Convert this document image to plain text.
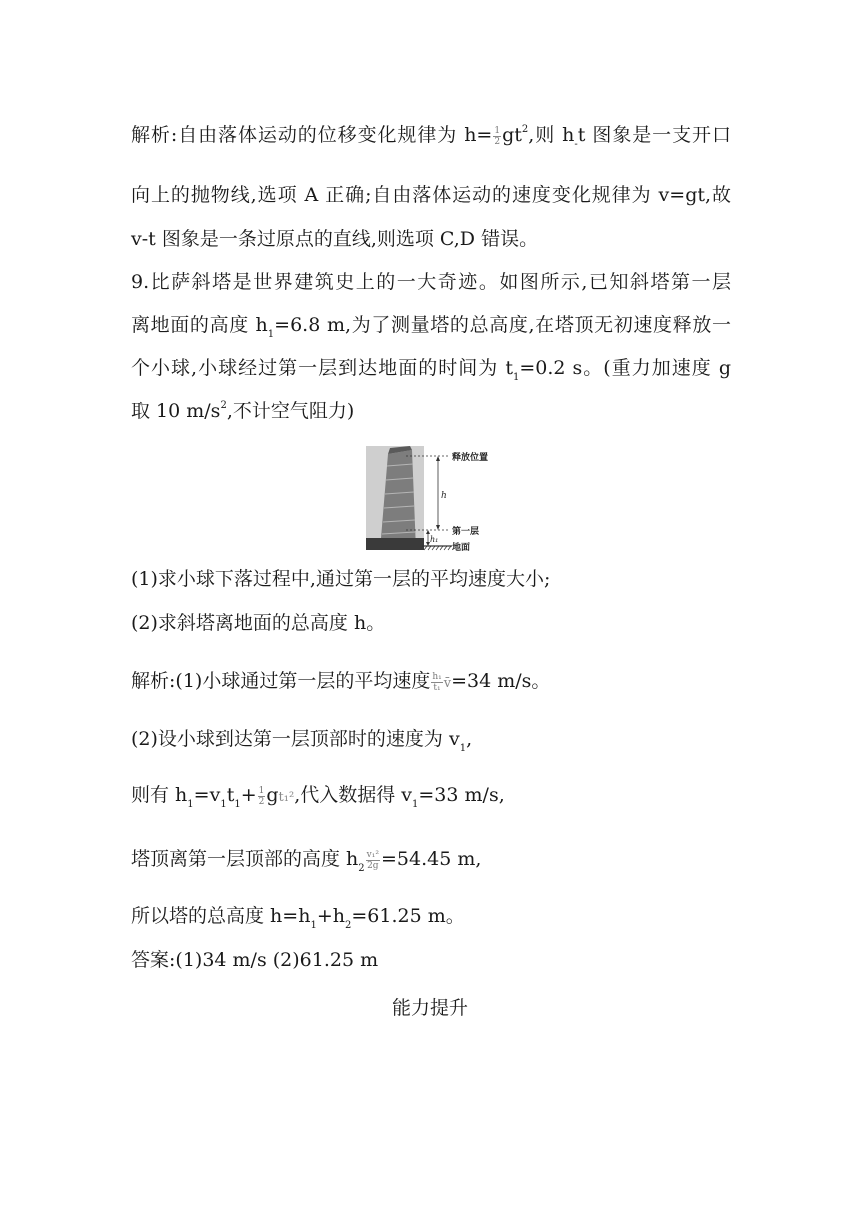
解析:自由落体运动的位移变化规律为 $h= \frac{1}{2} gt^2$,则 $h_-t$ 图象是一支开口
向上的抛物线,选项 A 正确;自由落体运动的速度变化规律为 v=gt,故
v-t 图象是一条过原点的直线,则选项 C,D 错误。
9.比萨斜塔是世界建筑史上的一大奇迹。如图所示,已知斜塔第一层
离地面的高度 $h_1=6.8$ m,为了测量塔的总高度,在塔顶无初速度释放一
个小球,小球经过第一层到达地面的时间为 $t_1=0.2$ s。(重力加速度 g
取 10 $m/s^2$,不计空气阻力)
释放位置
h
第一层
h₁
地面
(1)求小球下落过程中,通过第一层的平均速度大小;
(2)求斜塔离地面的总高度 h。
解析:(1)小球通过第一层的平均速度 $\frac{\text{h₁}}{\text{t₁}}$ v̄=34 m/s。
(2)设小球到达第一层顶部时的速度为 $v_1$,
则有 $h_1=v_1t_1+ \frac{1}{2} gt_1^2$,代入数据得 $v_1=33$ m/s,
塔顶离第一层顶部的高度 $h_2 \frac{\text{v₁²}}{2g} =54.45$ m,
所以塔的总高度 $h=h_1+h_2=61.25$ m。
答案:(1)34 m/s (2)61.25 m
能力提升
